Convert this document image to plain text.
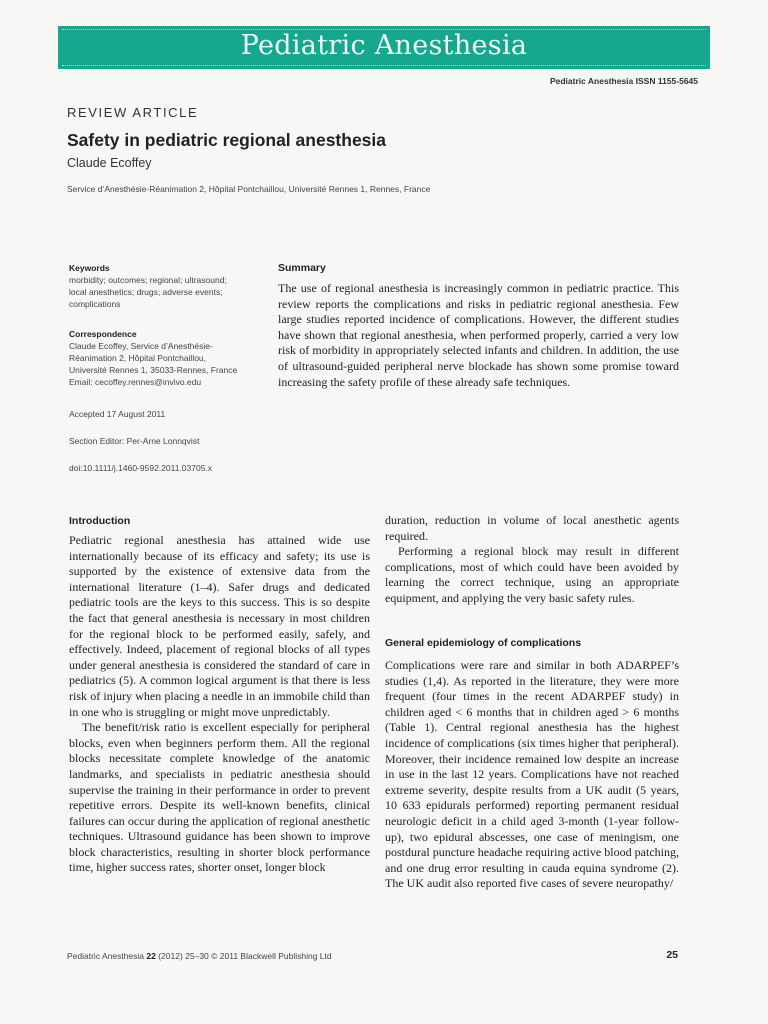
Pediatric Anesthesia
Pediatric Anesthesia ISSN 1155-5645
REVIEW ARTICLE
Safety in pediatric regional anesthesia
Claude Ecoffey
Service d’Anesthésie-Réanimation 2, Hôpital Pontchaillou, Université Rennes 1, Rennes, France
Keywords
morbidity; outcomes; regional; ultrasound;
local anesthetics; drugs; adverse events;
complications
Correspondence
Claude Ecoffey, Service d’Anesthésie-
Réanimation 2, Hôpital Pontchaillou,
Université Rennes 1, 35033-Rennes, France
Email: cecoffey.rennes@invivo.edu
Accepted 17 August 2011
Section Editor: Per-Arne Lonnqvist
doi:10.1111/j.1460-9592.2011.03705.x
Summary

The use of regional anesthesia is increasingly common in pediatric practice. This review reports the complications and risks in pediatric regional anesthesia. Few large studies reported incidence of complications. However, the different studies have shown that regional anesthesia, when performed properly, carried a very low risk of morbidity in appropriately selected infants and children. In addition, the use of ultrasound-guided peripheral nerve blockade has shown some promise toward increasing the safety profile of these already safe techniques.

Introduction

Pediatric regional anesthesia has attained wide use internationally because of its efficacy and safety; its use is supported by the existence of extensive data from the international literature (1–4). Safer drugs and dedicated pediatric tools are the keys to this success. This is so despite the fact that general anesthesia is necessary in most children for the regional block to be performed easily, safely, and effectively. Indeed, placement of regional blocks of all types under general anesthesia is considered the standard of care in pediatrics (5). A common logical argument is that there is less risk of injury when placing a needle in an immobile child than in one who is struggling or might move unpredictably.

The benefit/risk ratio is excellent especially for peripheral blocks, even when beginners perform them. All the regional blocks necessitate complete knowledge of the anatomic landmarks, and specialists in pediatric anesthesia should supervise the training in their performance in order to prevent repetitive errors. Despite its well-known benefits, clinical failures can occur during the application of regional anesthetic techniques. Ultrasound guidance has been shown to improve block characteristics, resulting in shorter block performance time, higher success rates, shorter onset, longer block

duration, reduction in volume of local anesthetic agents required.

Performing a regional block may result in different complications, most of which could have been avoided by learning the correct technique, using an appropriate equipment, and applying the very basic safety rules.

General epidemiology of complications

Complications were rare and similar in both ADARPEF’s studies (1,4). As reported in the literature, they were more frequent (four times in the recent ADARPEF study) in children aged < 6 months that in children aged > 6 months (Table 1). Central regional anesthesia has the highest incidence of complications (six times higher that peripheral). Moreover, their incidence remained low despite an increase in use in the last 12 years. Complications have not reached extreme severity, despite results from a UK audit (5 years, 10 633 epidurals performed) reporting permanent residual neurologic deficit in a child aged 3-month (1-year follow-up), two epidural abscesses, one case of meningism, one postdural puncture headache requiring active blood patching, and one drug error resulting in cauda equina syndrome (2). The UK audit also reported five cases of severe neuropathy/

Pediatric Anesthesia 22 (2012) 25–30 © 2011 Blackwell Publishing Ltd	25
